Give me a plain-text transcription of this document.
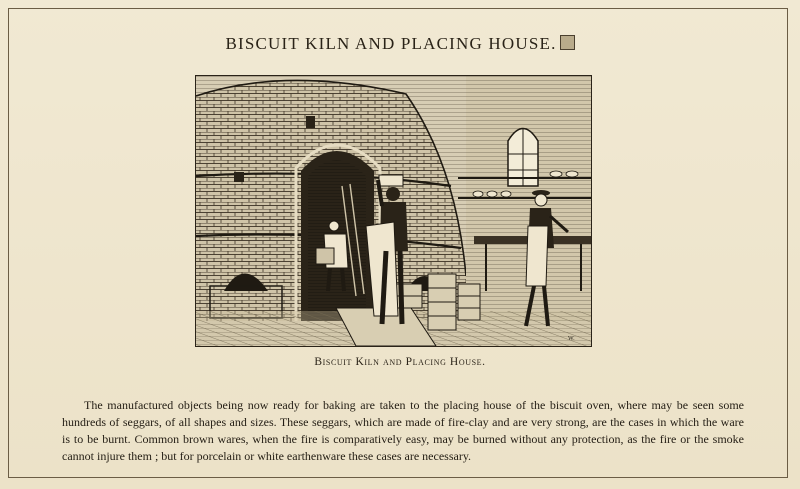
BISCUIT KILN AND PLACING HOUSE.
W.
Biscuit Kiln and Placing House.

The manufactured objects being now ready for baking are taken to the placing house of the biscuit oven, where may be seen some hundreds of seggars, of all shapes and sizes. These seggars, which are made of fire-clay and are very strong, are the cases in which the ware is to be burnt. Common brown wares, when the fire is comparatively easy, may be burned without any protection, as the fire or the smoke cannot injure them ; but for porcelain or white earthenware these cases are necessary.
